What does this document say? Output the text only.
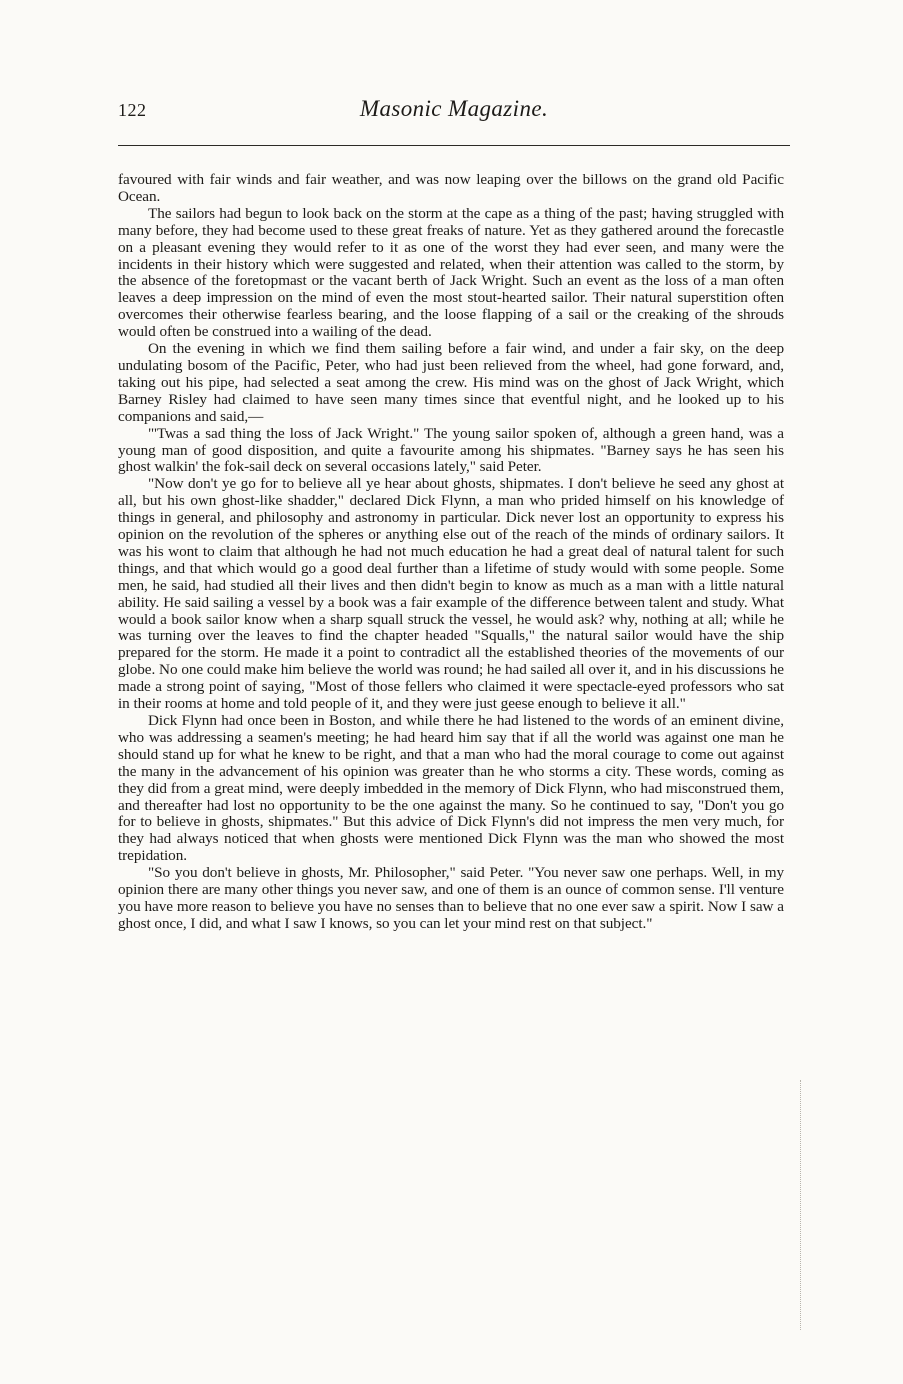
122	Masonic Magazine.

favoured with fair winds and fair weather, and was now leaping over the billows on the grand old Pacific Ocean.

The sailors had begun to look back on the storm at the cape as a thing of the past; having struggled with many before, they had become used to these great freaks of nature. Yet as they gathered around the forecastle on a pleasant evening they would refer to it as one of the worst they had ever seen, and many were the incidents in their history which were suggested and related, when their attention was called to the storm, by the absence of the foretopmast or the vacant berth of Jack Wright. Such an event as the loss of a man often leaves a deep impression on the mind of even the most stout-hearted sailor. Their natural superstition often overcomes their otherwise fearless bearing, and the loose flapping of a sail or the creaking of the shrouds would often be construed into a wailing of the dead.

On the evening in which we find them sailing before a fair wind, and under a fair sky, on the deep undulating bosom of the Pacific, Peter, who had just been relieved from the wheel, had gone forward, and, taking out his pipe, had selected a seat among the crew. His mind was on the ghost of Jack Wright, which Barney Risley had claimed to have seen many times since that eventful night, and he looked up to his companions and said,—

"'Twas a sad thing the loss of Jack Wright." The young sailor spoken of, although a green hand, was a young man of good disposition, and quite a favourite among his shipmates. "Barney says he has seen his ghost walkin' the fok-sail deck on several occasions lately," said Peter.

"Now don't ye go for to believe all ye hear about ghosts, shipmates. I don't believe he seed any ghost at all, but his own ghost-like shadder," declared Dick Flynn, a man who prided himself on his knowledge of things in general, and philosophy and astronomy in particular. Dick never lost an opportunity to express his opinion on the revolution of the spheres or anything else out of the reach of the minds of ordinary sailors. It was his wont to claim that although he had not much education he had a great deal of natural talent for such things, and that which would go a good deal further than a lifetime of study would with some people. Some men, he said, had studied all their lives and then didn't begin to know as much as a man with a little natural ability. He said sailing a vessel by a book was a fair example of the difference between talent and study. What would a book sailor know when a sharp squall struck the vessel, he would ask? why, nothing at all; while he was turning over the leaves to find the chapter headed "Squalls," the natural sailor would have the ship prepared for the storm. He made it a point to contradict all the established theories of the movements of our globe. No one could make him believe the world was round; he had sailed all over it, and in his discussions he made a strong point of saying, "Most of those fellers who claimed it were spectacle-eyed professors who sat in their rooms at home and told people of it, and they were just geese enough to believe it all."

Dick Flynn had once been in Boston, and while there he had listened to the words of an eminent divine, who was addressing a seamen's meeting; he had heard him say that if all the world was against one man he should stand up for what he knew to be right, and that a man who had the moral courage to come out against the many in the advancement of his opinion was greater than he who storms a city. These words, coming as they did from a great mind, were deeply imbedded in the memory of Dick Flynn, who had misconstrued them, and thereafter had lost no opportunity to be the one against the many. So he continued to say, "Don't you go for to believe in ghosts, shipmates." But this advice of Dick Flynn's did not impress the men very much, for they had always noticed that when ghosts were mentioned Dick Flynn was the man who showed the most trepidation.

"So you don't believe in ghosts, Mr. Philosopher," said Peter. "You never saw one perhaps. Well, in my opinion there are many other things you never saw, and one of them is an ounce of common sense. I'll venture you have more reason to believe you have no senses than to believe that no one ever saw a spirit. Now I saw a ghost once, I did, and what I saw I knows, so you can let your mind rest on that subject."
